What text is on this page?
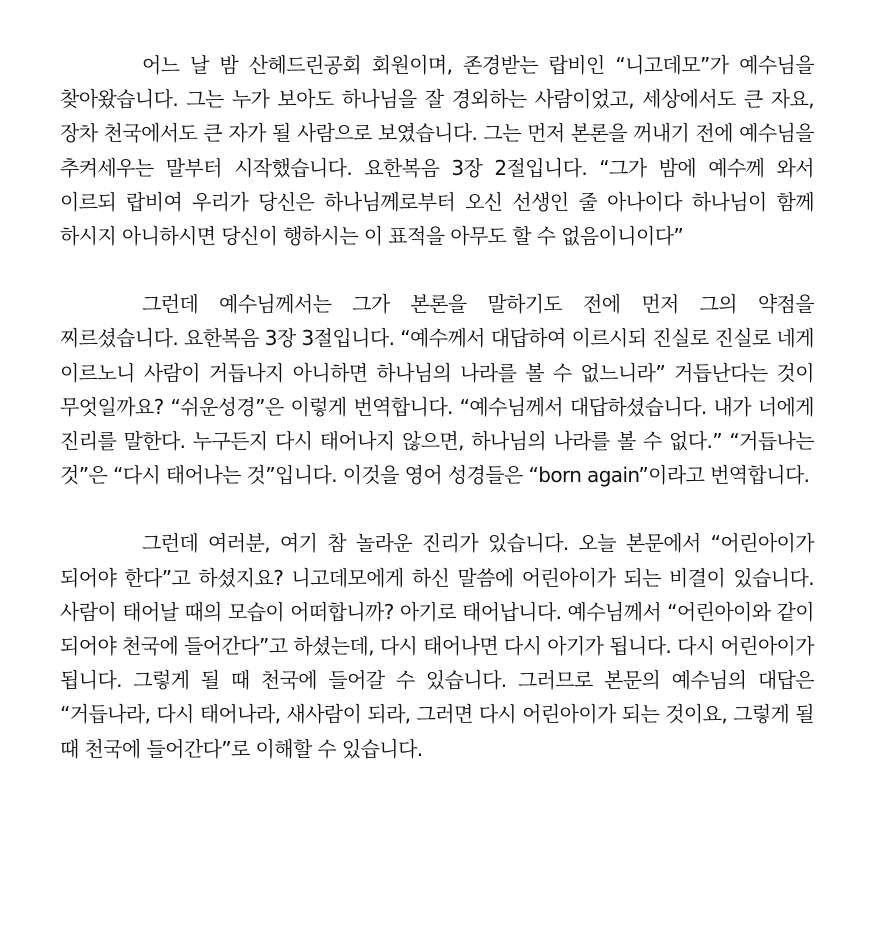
어느 날 밤 산헤드린공회 회원이며, 존경받는 랍비인 “니고데모”가 예수님을 찾아왔습니다. 그는 누가 보아도 하나님을 잘 경외하는 사람이었고, 세상에서도 큰 자요, 장차 천국에서도 큰 자가 될 사람으로 보였습니다. 그는 먼저 본론을 꺼내기 전에 예수님을 추켜세우는 말부터 시작했습니다. 요한복음 3장 2절입니다. “그가 밤에 예수께 와서 이르되 랍비여 우리가 당신은 하나님께로부터 오신 선생인 줄 아나이다 하나님이 함께 하시지 아니하시면 당신이 행하시는 이 표적을 아무도 할 수 없음이니이다”

그런데 예수님께서는 그가 본론을 말하기도 전에 먼저 그의 약점을 찌르셨습니다. 요한복음 3장 3절입니다. “예수께서 대답하여 이르시되 진실로 진실로 네게 이르노니 사람이 거듭나지 아니하면 하나님의 나라를 볼 수 없느니라” 거듭난다는 것이 무엇일까요? “쉬운성경”은 이렇게 번역합니다. “예수님께서 대답하셨습니다. 내가 너에게 진리를 말한다. 누구든지 다시 태어나지 않으면, 하나님의 나라를 볼 수 없다.” “거듭나는 것”은 “다시 태어나는 것”입니다. 이것을 영어 성경들은 “born again”이라고 번역합니다.

그런데 여러분, 여기 참 놀라운 진리가 있습니다. 오늘 본문에서 “어린아이가 되어야 한다”고 하셨지요? 니고데모에게 하신 말씀에 어린아이가 되는 비결이 있습니다. 사람이 태어날 때의 모습이 어떠합니까? 아기로 태어납니다. 예수님께서 “어린아이와 같이 되어야 천국에 들어간다”고 하셨는데, 다시 태어나면 다시 아기가 됩니다. 다시 어린아이가 됩니다. 그렇게 될 때 천국에 들어갈 수 있습니다. 그러므로 본문의 예수님의 대답은 “거듭나라, 다시 태어나라, 새사람이 되라, 그러면 다시 어린아이가 되는 것이요, 그렇게 될 때 천국에 들어간다”로 이해할 수 있습니다.
